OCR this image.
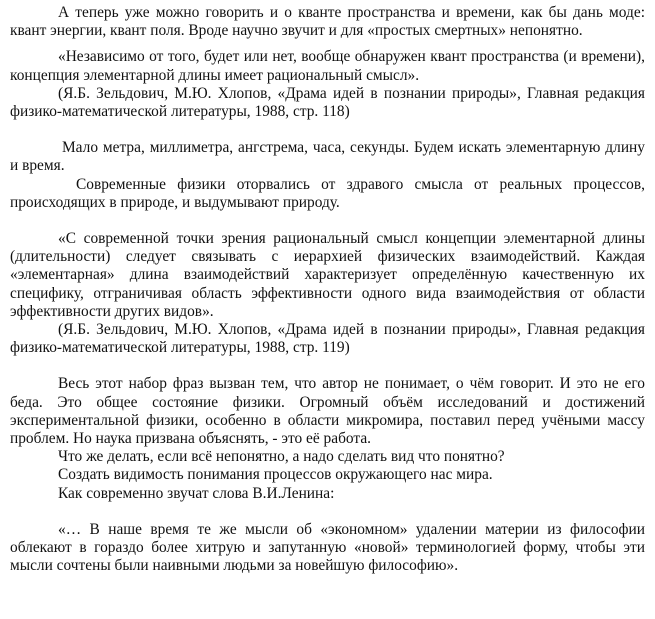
А теперь уже можно говорить и о кванте пространства и времени, как бы дань моде: квант энергии, квант поля. Вроде научно звучит и для «простых смертных» непонятно.

«Независимо от того, будет или нет, вообще обнаружен квант пространства (и времени), концепция элементарной длины имеет рациональный смысл».

(Я.Б. Зельдович, М.Ю. Хлопов, «Драма идей в познании природы», Главная редакция физико-математической литературы, 1988, стр. 118)

Мало метра, миллиметра, ангстрема, часа, секунды. Будем искать элементарную длину и время.

Современные физики оторвались от здравого смысла от реальных процессов, происходящих в природе, и выдумывают природу.

«С современной точки зрения рациональный смысл концепции элементарной длины (длительности) следует связывать с иерархией физических взаимодействий. Каждая «элементарная» длина взаимодействий характеризует определённую качественную их специфику, отграничивая область эффективности одного вида взаимодействия от области эффективности других видов».

(Я.Б. Зельдович, М.Ю. Хлопов, «Драма идей в познании природы», Главная редакция физико-математической литературы, 1988, стр. 119)

Весь этот набор фраз вызван тем, что автор не понимает, о чём говорит. И это не его беда. Это общее состояние физики. Огромный объём исследований и достижений экспериментальной физики, особенно в области микромира, поставил перед учёными массу проблем. Но наука призвана объяснять, - это её работа.

Что же делать, если всё непонятно, а надо сделать вид что понятно?
Создать видимость понимания процессов окружающего нас мира.
Как современно звучат слова В.И.Ленина:

«… В наше время те же мысли об «экономном» удалении материи из философии облекают в гораздо более хитрую и запутанную «новой» терминологией форму, чтобы эти мысли сочтены были наивными людьми за новейшую философию».
